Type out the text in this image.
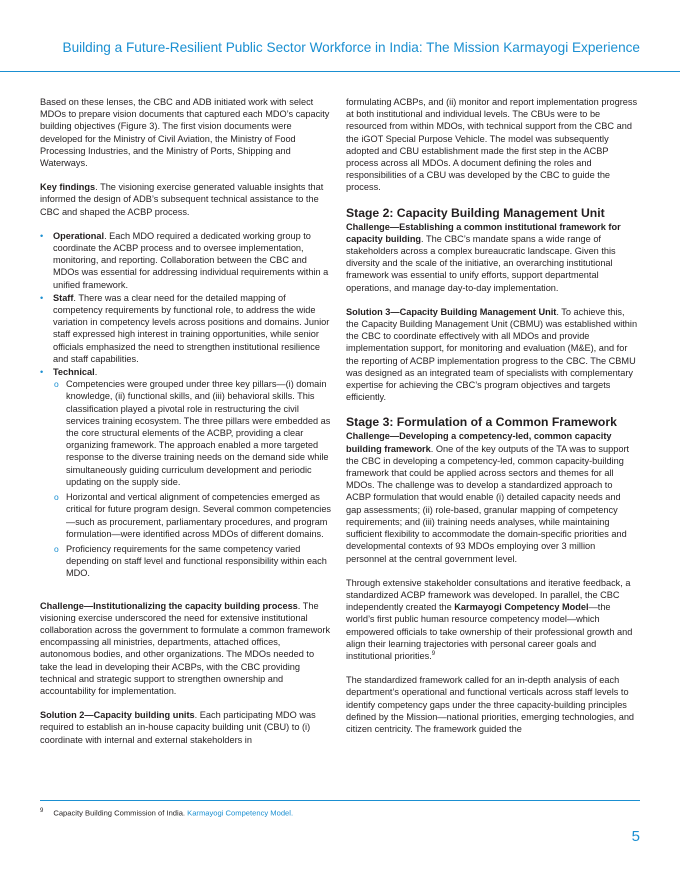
Building a Future-Resilient Public Sector Workforce in India: The Mission Karmayogi Experience

Based on these lenses, the CBC and ADB initiated work with select MDOs to prepare vision documents that captured each MDO’s capacity building objectives (Figure 3). The first vision documents were developed for the Ministry of Civil Aviation, the Ministry of Food Processing Industries, and the Ministry of Ports, Shipping and Waterways.

Key findings. The visioning exercise generated valuable insights that informed the design of ADB’s subsequent technical assistance to the CBC and shaped the ACBP process.

• Operational. Each MDO required a dedicated working group to coordinate the ACBP process and to oversee implementation, monitoring, and reporting. Collaboration between the CBC and MDOs was essential for addressing individual requirements within a unified framework.
• Staff. There was a clear need for the detailed mapping of competency requirements by functional role, to address the wide variation in competency levels across positions and domains. Junior staff expressed high interest in training opportunities, while senior officials emphasized the need to strengthen institutional resilience and staff capabilities.
• Technical.
o Competencies were grouped under three key pillars—(i) domain knowledge, (ii) functional skills, and (iii) behavioral skills. This classification played a pivotal role in restructuring the civil services training ecosystem. The three pillars were embedded as the core structural elements of the ACBP, providing a clear organizing framework. The approach enabled a more targeted response to the diverse training needs on the demand side while simultaneously guiding curriculum development and periodic updating on the supply side.
o Horizontal and vertical alignment of competencies emerged as critical for future program design. Several common competencies—such as procurement, parliamentary procedures, and program formulation—were identified across MDOs of different domains.
o Proficiency requirements for the same competency varied depending on staff level and functional responsibility within each MDO.

Challenge—Institutionalizing the capacity building process. The visioning exercise underscored the need for extensive institutional collaboration across the government to formulate a common framework encompassing all ministries, departments, attached offices, autonomous bodies, and other organizations. The MDOs needed to take the lead in developing their ACBPs, with the CBC providing technical and strategic support to strengthen ownership and accountability for implementation.

Solution 2—Capacity building units. Each participating MDO was required to establish an in-house capacity building unit (CBU) to (i) coordinate with internal and external stakeholders in

formulating ACBPs, and (ii) monitor and report implementation progress at both institutional and individual levels. The CBUs were to be resourced from within MDOs, with technical support from the CBC and the iGOT Special Purpose Vehicle. The model was subsequently adopted and CBU establishment made the first step in the ACBP process across all MDOs. A document defining the roles and responsibilities of a CBU was developed by the CBC to guide the process.

Stage 2: Capacity Building Management Unit

Challenge—Establishing a common institutional framework for capacity building. The CBC’s mandate spans a wide range of stakeholders across a complex bureaucratic landscape. Given this diversity and the scale of the initiative, an overarching institutional framework was essential to unify efforts, support departmental operations, and manage day-to-day implementation.

Solution 3—Capacity Building Management Unit. To achieve this, the Capacity Building Management Unit (CBMU) was established within the CBC to coordinate effectively with all MDOs and provide implementation support, for monitoring and evaluation (M&E), and for the reporting of ACBP implementation progress to the CBC. The CBMU was designed as an integrated team of specialists with complementary expertise for achieving the CBC’s program objectives and targets efficiently.

Stage 3: Formulation of a Common Framework

Challenge—Developing a competency-led, common capacity building framework. One of the key outputs of the TA was to support the CBC in developing a competency-led, common capacity-building framework that could be applied across sectors and themes for all MDOs. The challenge was to develop a standardized approach to ACBP formulation that would enable (i) detailed capacity needs and gap assessments; (ii) role-based, granular mapping of competency requirements; and (iii) training needs analyses, while maintaining sufficient flexibility to accommodate the domain-specific priorities and developmental contexts of 93 MDOs employing over 3 million personnel at the central government level.

Through extensive stakeholder consultations and iterative feedback, a standardized ACBP framework was developed. In parallel, the CBC independently created the Karmayogi Competency Model—the world’s first public human resource competency model—which empowered officials to take ownership of their professional growth and align their learning trajectories with personal career goals and institutional priorities.$^9$

The standardized framework called for an in-depth analysis of each department’s operational and functional verticals across staff levels to identify competency gaps under the three capacity-building principles defined by the Mission—national priorities, emerging technologies, and citizen centricity. The framework guided the

$^9$ Capacity Building Commission of India. Karmayogi Competency Model.
5
